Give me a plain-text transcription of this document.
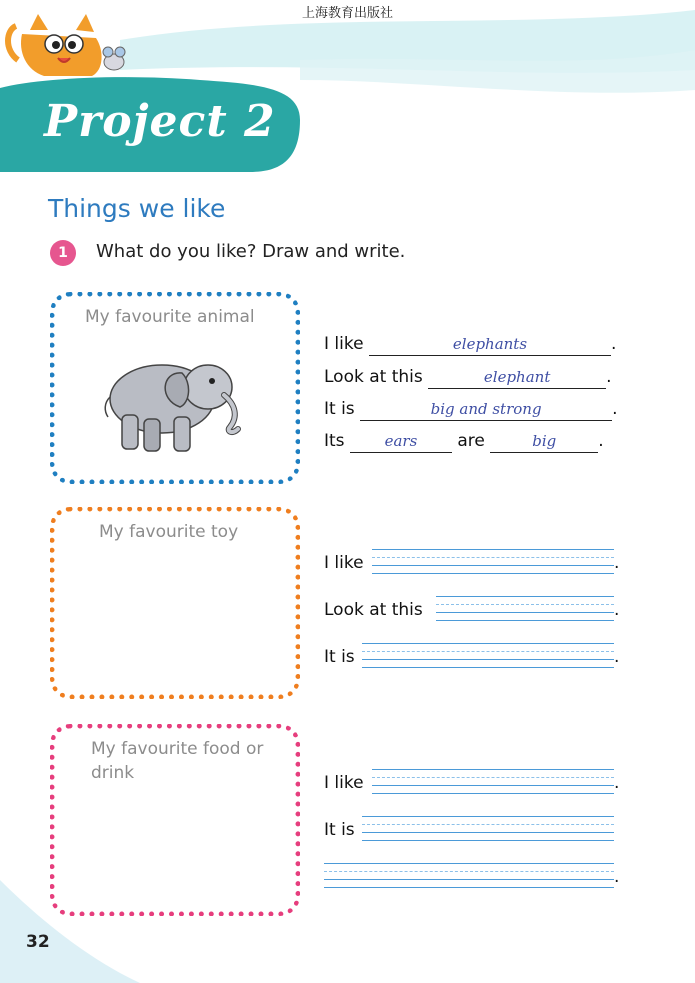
上海教育出版社
Project 2
Things we like
1	What do you like? Draw and write.
My favourite animal
My favourite toy
My favourite food or drink
I like	elephants	.
Look at this	elephant	.
It is	big and strong	.
Its	ears are	big .
I like	.
Look at this	.
It is	.
I like	.
It is
.
32
